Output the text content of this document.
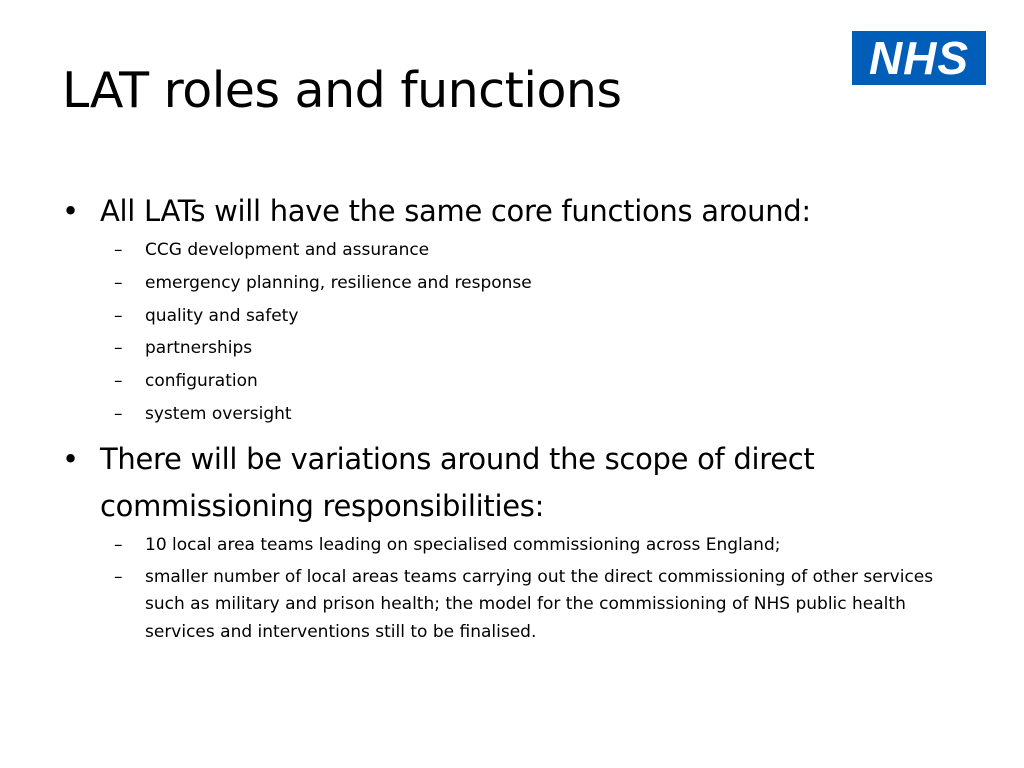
LAT roles and functions
NHS
• All LATs will have the same core functions around:
– CCG development and assurance
– emergency planning, resilience and response
– quality and safety
– partnerships
– configuration
– system oversight
• There will be variations around the scope of direct commissioning responsibilities:
– 10 local area teams leading on specialised commissioning across England;
– smaller number of local areas teams carrying out the direct commissioning of other services such as military and prison health; the model for the commissioning of NHS public health services and interventions still to be finalised.
